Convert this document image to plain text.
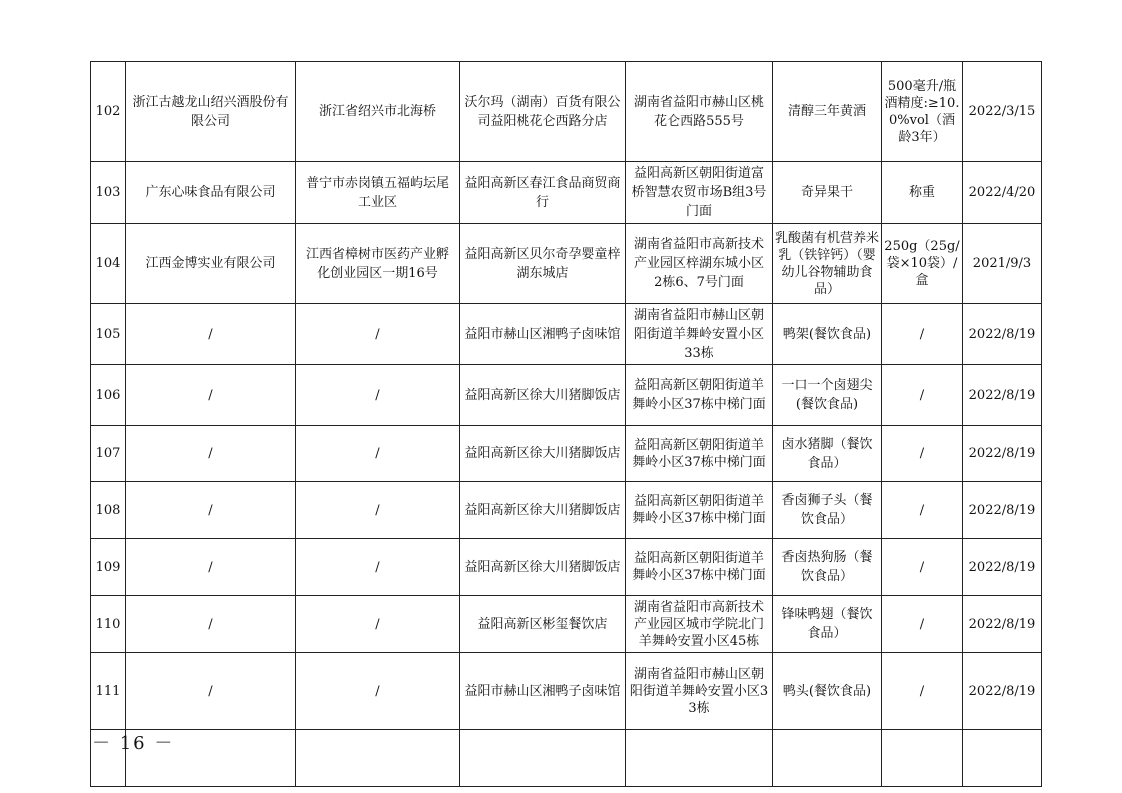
102	浙江古越龙山绍兴酒股份有限公司	浙江省绍兴市北海桥	沃尔玛（湖南）百货有限公司益阳桃花仑西路分店	湖南省益阳市赫山区桃花仑西路555号	清醇三年黄酒	500毫升/瓶 酒精度:≥10.0%vol（酒龄3年）	2022/3/15
103	广东心味食品有限公司	普宁市赤岗镇五福屿坛尾工业区	益阳高新区春江食品商贸商行	益阳高新区朝阳街道富桥智慧农贸市场B组3号门面	奇异果干	称重	2022/4/20
104	江西金博实业有限公司	江西省樟树市医药产业孵化创业园区一期16号	益阳高新区贝尔奇孕婴童梓湖东城店	湖南省益阳市高新技术产业园区梓湖东城小区2栋6、7号门面	乳酸菌有机营养米乳（铁锌钙）（婴幼儿谷物辅助食品）	250g（25g/袋×10袋）/盒	2021/9/3
105	/	/	益阳市赫山区湘鸭子卤味馆	湖南省益阳市赫山区朝阳街道羊舞岭安置小区33栋	鸭架(餐饮食品)	/	2022/8/19
106	/	/	益阳高新区徐大川猪脚饭店	益阳高新区朝阳街道羊舞岭小区37栋中梯门面	一口一个卤翅尖(餐饮食品)	/	2022/8/19
107	/	/	益阳高新区徐大川猪脚饭店	益阳高新区朝阳街道羊舞岭小区37栋中梯门面	卤水猪脚（餐饮食品）	/	2022/8/19
108	/	/	益阳高新区徐大川猪脚饭店	益阳高新区朝阳街道羊舞岭小区37栋中梯门面	香卤狮子头（餐饮食品）	/	2022/8/19
109	/	/	益阳高新区徐大川猪脚饭店	益阳高新区朝阳街道羊舞岭小区37栋中梯门面	香卤热狗肠（餐饮食品）	/	2022/8/19
110	/	/	益阳高新区彬玺餐饮店	湖南省益阳市高新技术产业园区城市学院北门羊舞岭安置小区45栋	锋味鸭翅（餐饮食品）	/	2022/8/19
111	/	/	益阳市赫山区湘鸭子卤味馆	湖南省益阳市赫山区朝阳街道羊舞岭安置小区33栋	鸭头(餐饮食品)	/	2022/8/19

－ 16 －
